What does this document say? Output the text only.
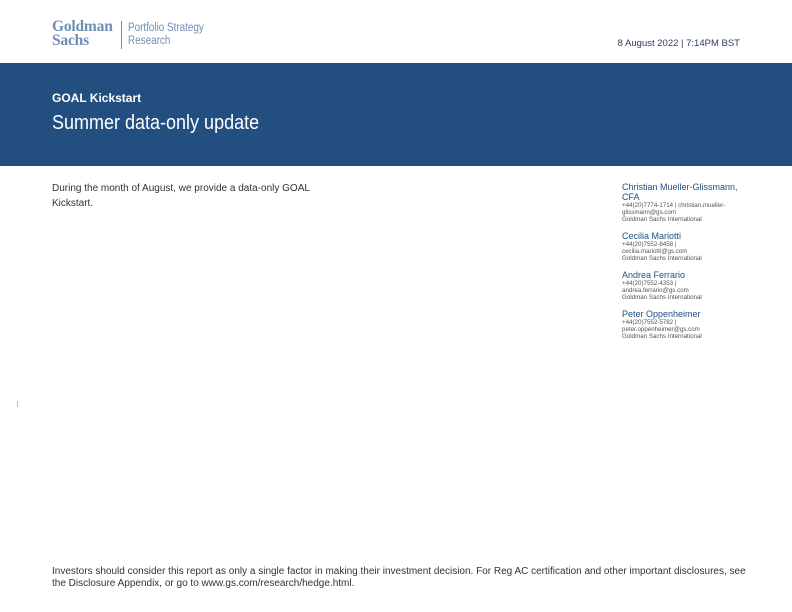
Goldman
Sachs
Portfolio Strategy
Research	8 August 2022 | 7:14PM BST
GOAL Kickstart
Summer data-only update
During the month of August, we provide a data-only GOAL Kickstart.
Christian Mueller-Glissmann,
CFA
+44(20)7774-1714 | christian.mueller-
glissmann@gs.com
Goldman Sachs International
Cecilia Mariotti
+44(20)7552-8458 |
cecilia.mariotti@gs.com
Goldman Sachs International
Andrea Ferrario
+44(20)7552-4353 |
andrea.ferrario@gs.com
Goldman Sachs International
Peter Oppenheimer
+44(20)7552-5782 |
peter.oppenheimer@gs.com
Goldman Sachs International
Investors should consider this report as only a single factor in making their investment decision. For Reg AC certification and other important disclosures, see the Disclosure Appendix, or go to www.gs.com/research/hedge.html.
